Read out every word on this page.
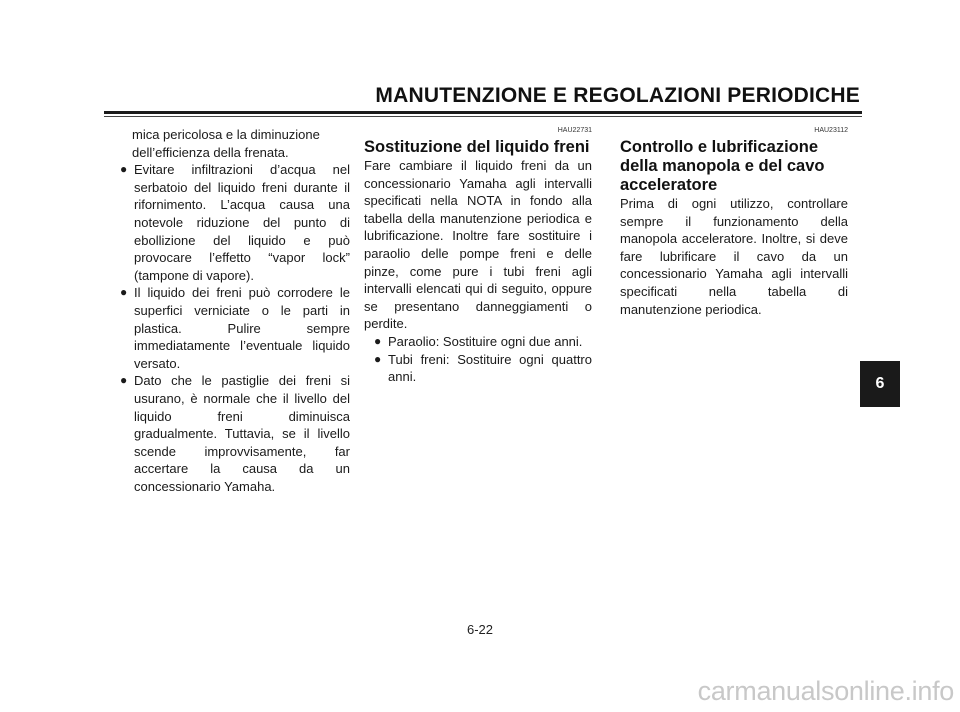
MANUTENZIONE E REGOLAZIONI PERIODICHE

mica pericolosa e la diminuzione

dell’efficienza della frenata.

● Evitare infiltrazioni d’acqua nel serbatoio del liquido freni durante il rifornimento. L’acqua causa una notevole riduzione del punto di ebollizione del liquido e può provocare l’effetto “vapor lock” (tampone di vapore).

● Il liquido dei freni può corrodere le superfici verniciate o le parti in plastica. Pulire sempre immediatamente l’eventuale liquido versato.

● Dato che le pastiglie dei freni si usurano, è normale che il livello del liquido freni diminuisca gradualmente. Tuttavia, se il livello scende improvvisamente, far accertare la causa da un concessionario Yamaha.

HAU22731
Sostituzione del liquido freni

Fare cambiare il liquido freni da un concessionario Yamaha agli intervalli specificati nella NOTA in fondo alla tabella della manutenzione periodica e lubrificazione. Inoltre fare sostituire i paraolio delle pompe freni e delle pinze, come pure i tubi freni agli intervalli elencati qui di seguito, oppure se presentano danneggiamenti o perdite.

● Paraolio: Sostituire ogni due anni.

● Tubi freni: Sostituire ogni quattro anni.

HAU23112
Controllo e lubrificazione della manopola e del cavo acceleratore

Prima di ogni utilizzo, controllare sempre il funzionamento della manopola acceleratore. Inoltre, si deve fare lubrificare il cavo da un concessionario Yamaha agli intervalli specificati nella tabella di manutenzione periodica.

6
6-22
carmanualsonline.info
